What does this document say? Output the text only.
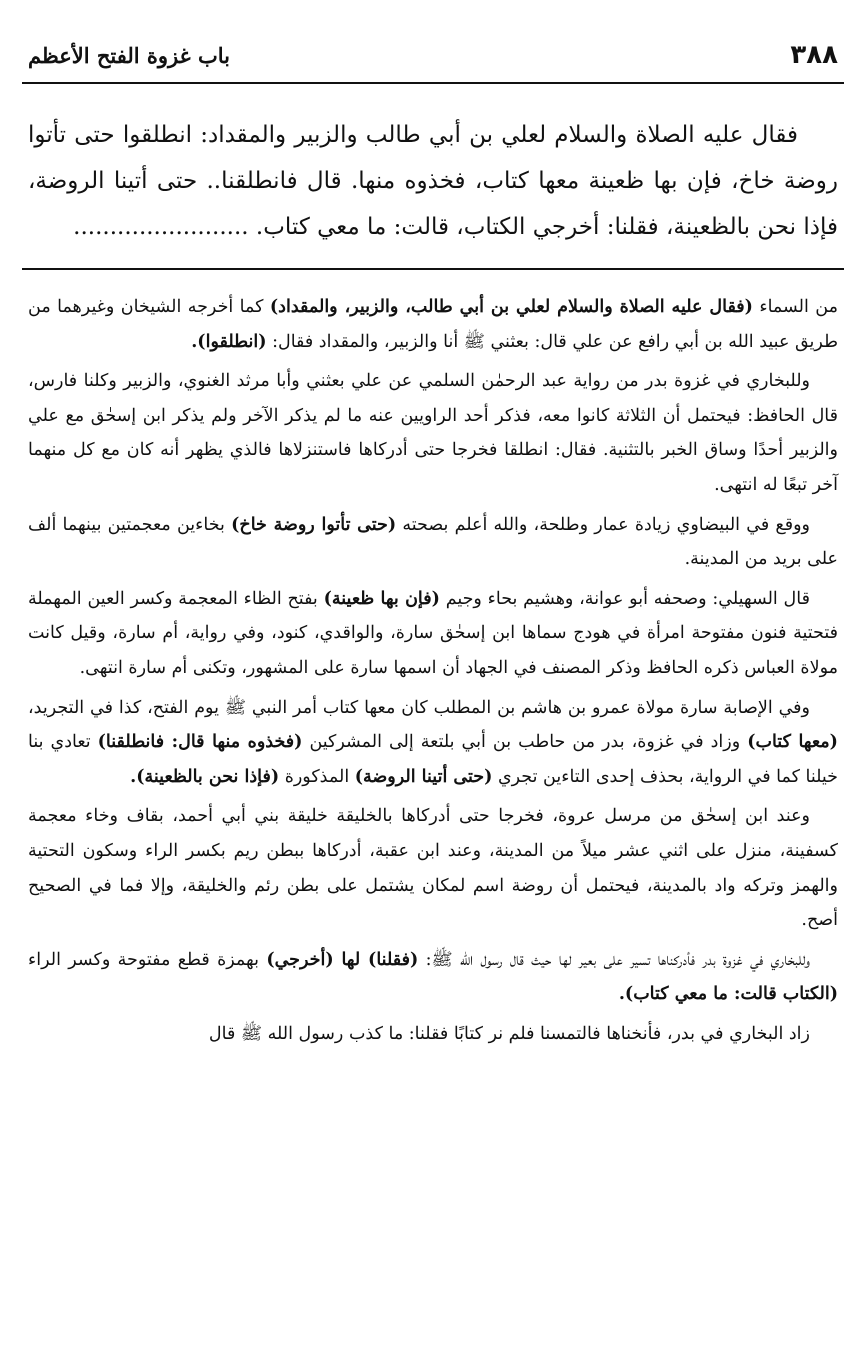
٣٨٨
باب غزوة الفتح الأعظم

فقال عليه الصلاة والسلام لعلي بن أبي طالب والزبير والمقداد: انطلقوا حتى تأتوا روضة خاخ، فإن بها ظعينة معها كتاب، فخذوه منها. قال فانطلقنا.. حتى أتينا الروضة، فإذا نحن بالظعينة، فقلنا: أخرجي الكتاب، قالت: ما معي كتاب. ........................

من السماء (فقال عليه الصلاة والسلام لعلي بن أبي طالب، والزبير، والمقداد) كما أخرجه الشيخان وغيرهما من طريق عبيد الله بن أبي رافع عن علي قال: بعثني ﷺ أنا والزبير، والمقداد فقال: (انطلقوا).

وللبخاري في غزوة بدر من رواية عبد الرحمٰن السلمي عن علي بعثني وأبا مرثد الغنوي، والزبير وكلنا فارس، قال الحافظ: فيحتمل أن الثلاثة كانوا معه، فذكر أحد الراويين عنه ما لم يذكر الآخر ولم يذكر ابن إسحٰق مع علي والزبير أحدًا وساق الخبر بالتثنية. فقال: انطلقا فخرجا حتى أدركاها فاستنزلاها فالذي يظهر أنه كان مع كل منهما آخر تبعًا له انتهى.

ووقع في البيضاوي زيادة عمار وطلحة، والله أعلم بصحته (حتى تأتوا روضة خاخ) بخاءين معجمتين بينهما ألف على بريد من المدينة.

قال السهيلي: وصحفه أبو عوانة، وهشيم بحاء وجيم (فإن بها ظعينة) بفتح الظاء المعجمة وكسر العين المهملة فتحتية فنون مفتوحة امرأة في هودج سماها ابن إسحٰق سارة، والواقدي، كنود، وفي رواية، أم سارة، وقيل كانت مولاة العباس ذكره الحافظ وذكر المصنف في الجهاد أن اسمها سارة على المشهور، وتكنى أم سارة انتهى.

وفي الإصابة سارة مولاة عمرو بن هاشم بن المطلب كان معها كتاب أمر النبي ﷺ يوم الفتح، كذا في التجريد، (معها كتاب) وزاد في غزوة، بدر من حاطب بن أبي بلتعة إلى المشركين (فخذوه منها قال: فانطلقنا) تعادي بنا خيلنا كما في الرواية، بحذف إحدى التاءين تجري (حتى أتينا الروضة) المذكورة (فإذا نحن بالظعينة).

وعند ابن إسحٰق من مرسل عروة، فخرجا حتى أدركاها بالخليقة خليقة بني أبي أحمد، بقاف وخاء معجمة كسفينة، منزل على اثني عشر ميلاً من المدينة، وعند ابن عقبة، أدركاها ببطن ريم بكسر الراء وسكون التحتية والهمز وتركه واد بالمدينة، فيحتمل أن روضة اسم لمكان يشتمل على بطن رئم والخليقة، وإلا فما في الصحيح أصح.

وللبخاري في غزوة بدر فأدركناها تسير على بعير لها حيث قال رسول الله ﷺ: (فقلنا) لها (أخرجي) بهمزة قطع مفتوحة وكسر الراء (الكتاب قالت: ما معي كتاب).

زاد البخاري في بدر، فأنخناها فالتمسنا فلم نر كتابًا فقلنا: ما كذب رسول الله ﷺ قال
